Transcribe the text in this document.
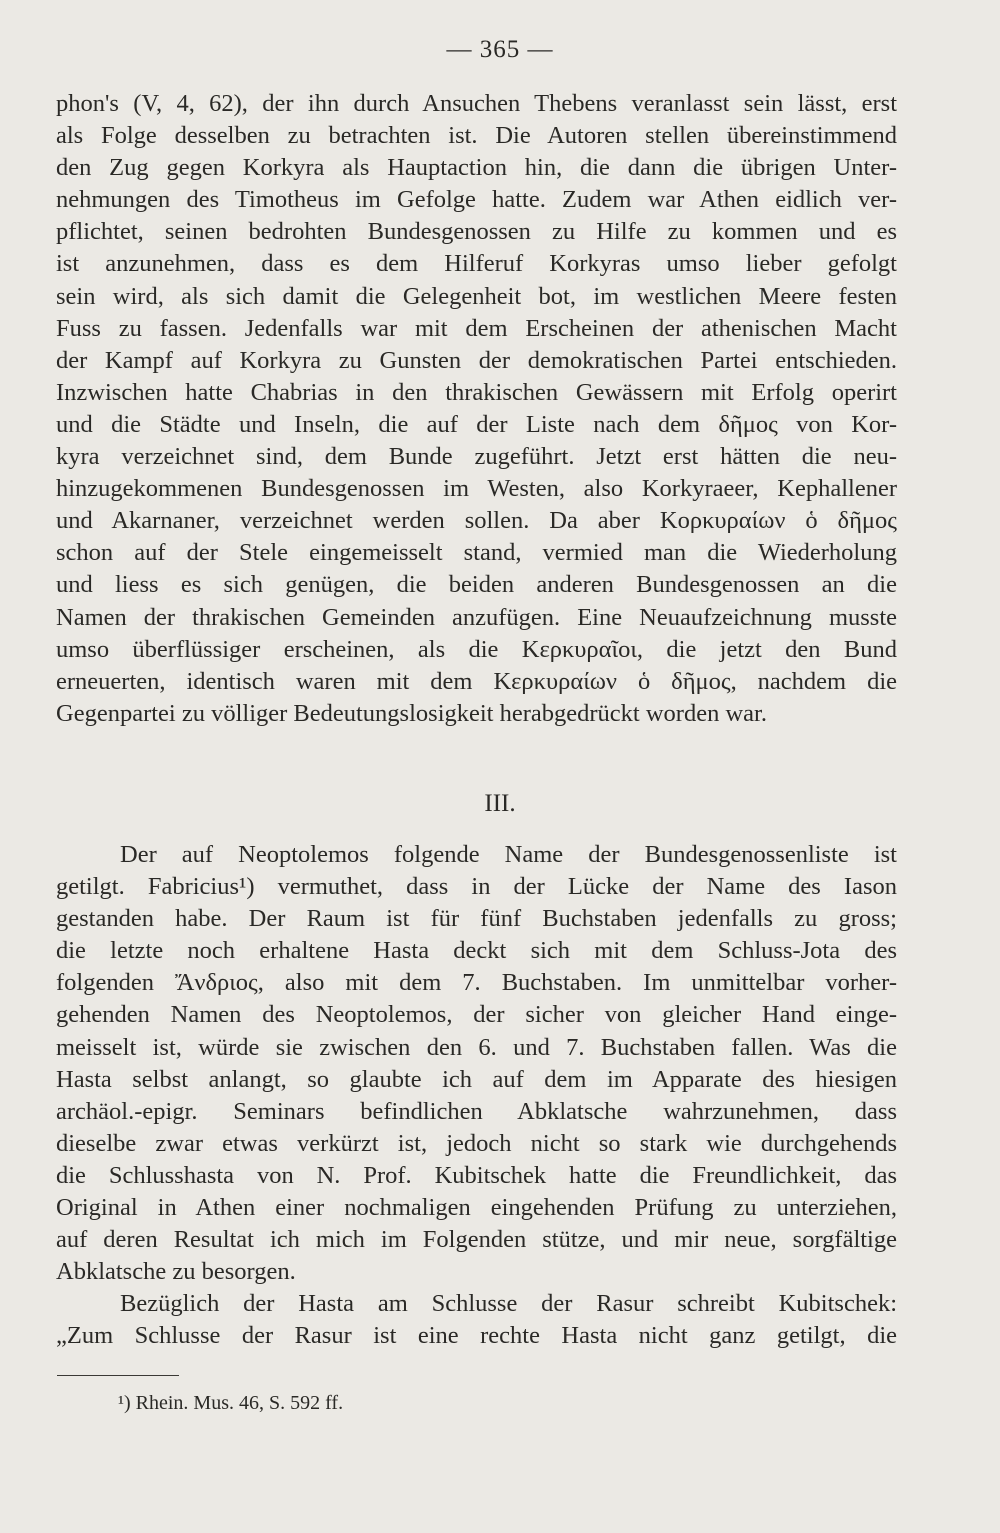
— 365 —
phon's (V, 4, 62), der ihn durch Ansuchen Thebens veranlasst sein lässt, erst
als Folge desselben zu betrachten ist. Die Autoren stellen übereinstimmend
den Zug gegen Korkyra als Hauptaction hin, die dann die übrigen Unter-
nehmungen des Timotheus im Gefolge hatte. Zudem war Athen eidlich ver-
pflichtet, seinen bedrohten Bundesgenossen zu Hilfe zu kommen und es
ist anzunehmen, dass es dem Hilferuf Korkyras umso lieber gefolgt
sein wird, als sich damit die Gelegenheit bot, im westlichen Meere festen
Fuss zu fassen. Jedenfalls war mit dem Erscheinen der athenischen Macht
der Kampf auf Korkyra zu Gunsten der demokratischen Partei entschieden.
Inzwischen hatte Chabrias in den thrakischen Gewässern mit Erfolg operirt
und die Städte und Inseln, die auf der Liste nach dem δῆμος von Kor-
kyra verzeichnet sind, dem Bunde zugeführt. Jetzt erst hätten die neu-
hinzugekommenen Bundesgenossen im Westen, also Korkyraeer, Kephallener
und Akarnaner, verzeichnet werden sollen. Da aber Κορκυραίων ὁ δῆμος
schon auf der Stele eingemeisselt stand, vermied man die Wiederholung
und liess es sich genügen, die beiden anderen Bundesgenossen an die
Namen der thrakischen Gemeinden anzufügen. Eine Neuaufzeichnung musste
umso überflüssiger erscheinen, als die Κερκυραῖοι, die jetzt den Bund
erneuerten, identisch waren mit dem Κερκυραίων ὁ δῆμος, nachdem die
Gegenpartei zu völliger Bedeutungslosigkeit herabgedrückt worden war.
III.
Der auf Neoptolemos folgende Name der Bundesgenossenliste ist
getilgt. Fabricius¹) vermuthet, dass in der Lücke der Name des Iason
gestanden habe. Der Raum ist für fünf Buchstaben jedenfalls zu gross;
die letzte noch erhaltene Hasta deckt sich mit dem Schluss-Jota des
folgenden Ἄνδριος, also mit dem 7. Buchstaben. Im unmittelbar vorher-
gehenden Namen des Neoptolemos, der sicher von gleicher Hand einge-
meisselt ist, würde sie zwischen den 6. und 7. Buchstaben fallen. Was die
Hasta selbst anlangt, so glaubte ich auf dem im Apparate des hiesigen
archäol.-epigr. Seminars befindlichen Abklatsche wahrzunehmen, dass
dieselbe zwar etwas verkürzt ist, jedoch nicht so stark wie durchgehends
die Schlusshasta von N. Prof. Kubitschek hatte die Freundlichkeit, das
Original in Athen einer nochmaligen eingehenden Prüfung zu unterziehen,
auf deren Resultat ich mich im Folgenden stütze, und mir neue, sorgfältige
Abklatsche zu besorgen.
Bezüglich der Hasta am Schlusse der Rasur schreibt Kubitschek:
„Zum Schlusse der Rasur ist eine rechte Hasta nicht ganz getilgt, die
¹) Rhein. Mus. 46, S. 592 ff.
